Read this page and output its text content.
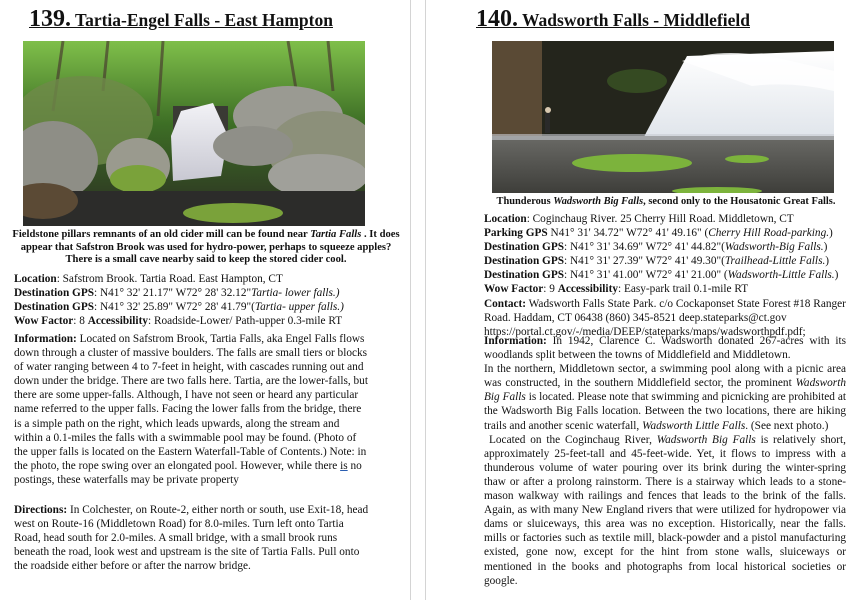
139. Tartia-Engel Falls - East Hampton
Fieldstone pillars remnants of an old cider mill can be found near Tartia Falls . It does appear that Safstron Brook was used for hydro-power, perhaps to squeeze apples? There is a small cave nearby said to keep the stored cider cool.
Location: Safstrom Brook. Tartia Road. East Hampton, CT
Destination GPS: N41° 32' 21.17" W72° 28' 32.12"Tartia- lower falls.)
Destination GPS: N41° 32' 25.89" W72° 28' 41.79"(Tartia- upper falls.)
Wow Factor: 8 Accessibility: Roadside-Lower/ Path-upper 0.3-mile RT
Information: Located on Safstrom Brook, Tartia Falls, aka Engel Falls flows down through a cluster of massive boulders. The falls are small tiers or blocks of water ranging between 4 to 7-feet in height, with cascades running out and down under the bridge. There are two falls here. Tartia, are the lower-falls, but there are some upper-falls. Although, I have not seen or heard any particular name referred to the upper falls. Facing the lower falls from the bridge, there is a simple path on the right, which leads upwards, along the stream and within a 0.1-miles the falls with a swimmable pool may be found. (Photo of the upper falls is located on the Eastern Waterfall-Table of Contents.) Note: in the photo, the rope swing over an elongated pool. However, while there is no postings, these waterfalls may be private property
Directions: In Colchester, on Route-2, either north or south, use Exit-18, head west on Route-16 (Middletown Road) for 8.0-miles. Turn left onto Tartia Road, head south for 2.0-miles. A small bridge, with a small brook runs beneath the road, look west and upstream is the site of Tartia Falls. Pull onto the roadside either before or after the narrow bridge.
140. Wadsworth Falls - Middlefield
Thunderous Wadsworth Big Falls, second only to the Housatonic Great Falls.
Location: Coginchaug River. 25 Cherry Hill Road. Middletown, CT
Parking GPS N41° 31' 34.72" W72° 41' 49.16" (Cherry Hill Road-parking.)
Destination GPS: N41° 31' 34.69" W72° 41' 44.82"(Wadsworth-Big Falls.)
Destination GPS: N41° 31' 27.39" W72° 41' 49.30"(Trailhead-Little Falls.)
Destination GPS: N41° 31' 41.00" W72° 41' 21.00" (Wadsworth-Little Falls.)
Wow Factor: 9 Accessibility: Easy-park trail 0.1-mile RT
Contact: Wadsworth Falls State Park. c/o Cockaponset State Forest #18 Ranger Road. Haddam, CT 06438 (860) 345-8521 deep.stateparks@ct.gov https://portal.ct.gov/-/media/DEEP/stateparks/maps/wadsworthpdf.pdf;
Information: In 1942, Clarence C. Wadsworth donated 267-acres with its woodlands split between the towns of Middlefield and Middletown.
In the northern, Middletown sector, a swimming pool along with a picnic area was constructed, in the southern Middlefield sector, the prominent Wadsworth Big Falls is located. Please note that swimming and picnicking are prohibited at the Wadsworth Big Falls location. Between the two locations, there are hiking trails and another scenic waterfall, Wadsworth Little Falls. (See next photo.)
Located on the Coginchaug River, Wadsworth Big Falls is relatively short, approximately 25-feet-tall and 45-feet-wide. Yet, it flows to impress with a thunderous volume of water pouring over its brink during the winter-spring thaw or after a prolong rainstorm. There is a stairway which leads to a stone-mason walkway with railings and fences that leads to the brink of the falls. Again, as with many New England rivers that were utilized for hydropower via dams or sluiceways, this area was no exception. Historically, near the falls. mills or factories such as textile mill, black-powder and a pistol manufacturing existed, gone now, except for the hint from stone walls, sluiceways or mentioned in the books and photographs from local historical societies or google.
